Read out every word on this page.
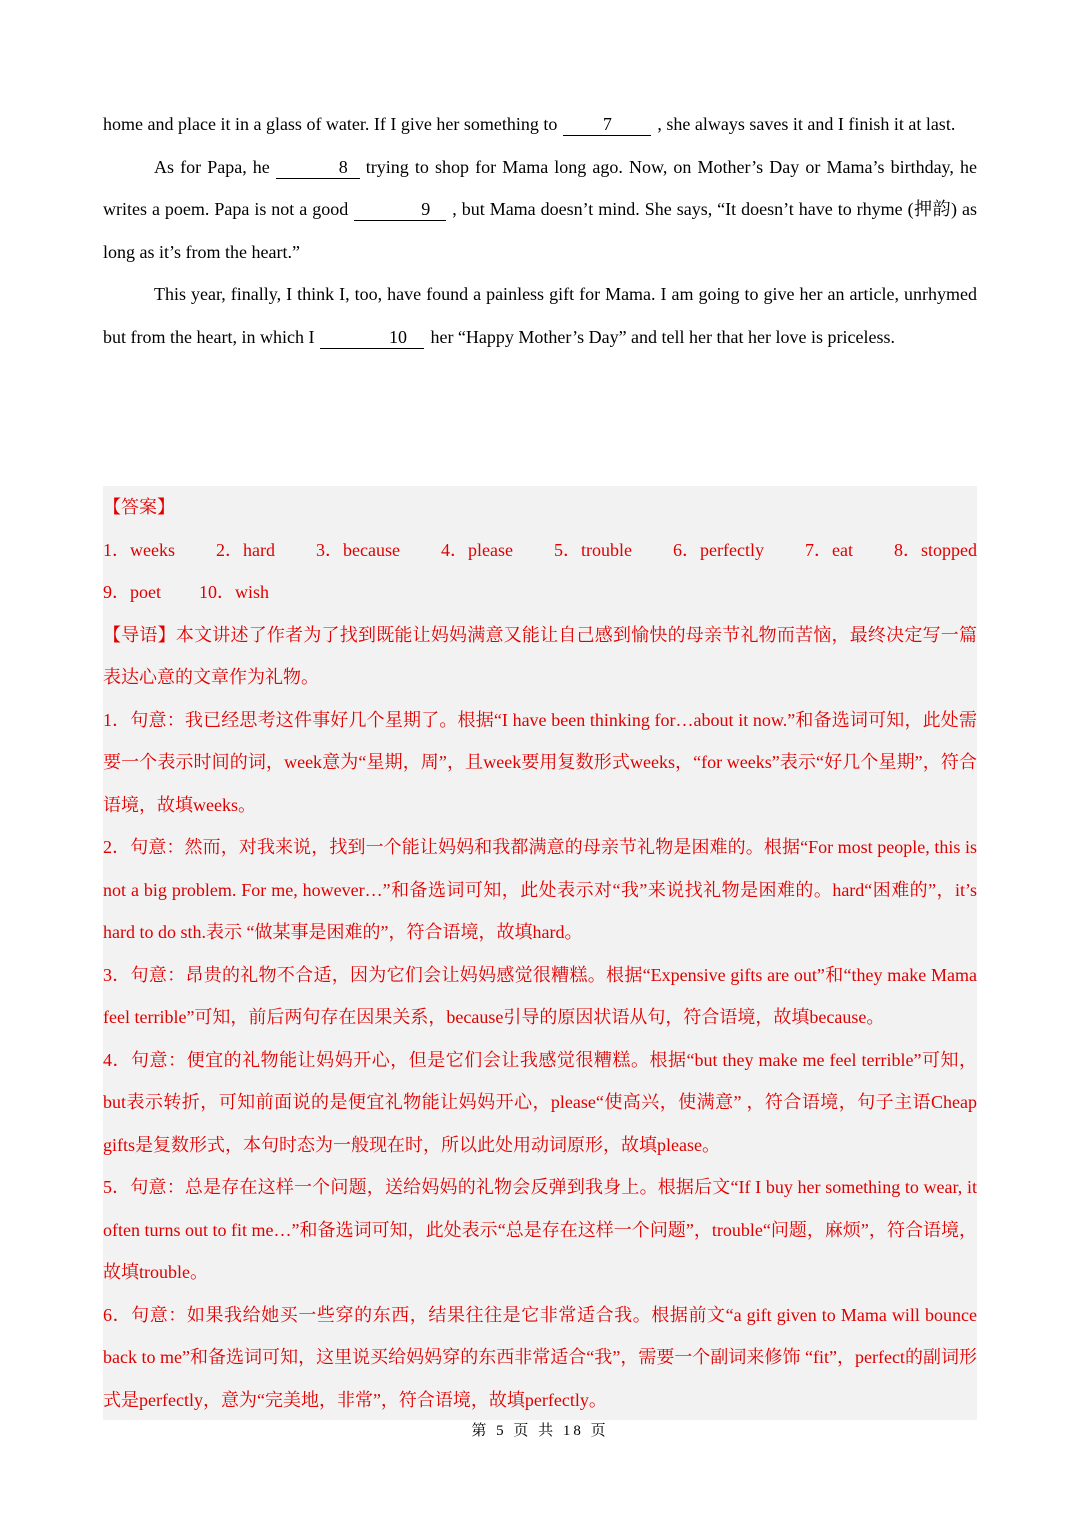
home and place it in a glass of water. If I give her something to	7	, she always saves it and I finish it at last.

As for Papa, he	8 trying to shop for Mama long ago. Now, on Mother’s Day or Mama’s birthday, he writes a poem. Papa is not a good	9 , but Mama doesn’t mind. She says, “It doesn’t have to rhyme (押韵) as long as it’s from the heart.”

This year, finally, I think I, too, have found a painless gift for Mama. I am going to give her an article, unrhymed but from the heart, in which I	10 her “Happy Mother’s Day” and tell her that her love is priceless.

【答案】

1．weeks 2．hard 3．because 4．please 5．trouble 6．perfectly 7．eat 8．stopped
9．poet 10．wish

【导语】本文讲述了作者为了找到既能让妈妈满意又能让自己感到愉快的母亲节礼物而苦恼，最终决定写一篇表达心意的文章作为礼物。

1．句意：我已经思考这件事好几个星期了。根据“I have been thinking for…about it now.”和备选词可知，此处需要一个表示时间的词，week意为“星期，周”，且week要用复数形式weeks，“for weeks”表示“好几个星期”，符合语境，故填weeks。

2．句意：然而，对我来说，找到一个能让妈妈和我都满意的母亲节礼物是困难的。根据“For most people, this is not a big problem. For me, however…”和备选词可知，此处表示对“我”来说找礼物是困难的。hard“困难的”，it’s hard to do sth.表示 “做某事是困难的”，符合语境，故填hard。

3．句意：昂贵的礼物不合适，因为它们会让妈妈感觉很糟糕。根据“Expensive gifts are out”和“they make Mama feel terrible”可知，前后两句存在因果关系，because引导的原因状语从句，符合语境，故填because。

4．句意：便宜的礼物能让妈妈开心，但是它们会让我感觉很糟糕。根据“but they make me feel terrible”可知，but表示转折，可知前面说的是便宜礼物能让妈妈开心，please“使高兴，使满意” ，符合语境，句子主语Cheap gifts是复数形式，本句时态为一般现在时，所以此处用动词原形，故填please。

5．句意：总是存在这样一个问题，送给妈妈的礼物会反弹到我身上。根据后文“If I buy her something to wear, it often turns out to fit me…”和备选词可知，此处表示“总是存在这样一个问题”，trouble“问题，麻烦”，符合语境，故填trouble。

6．句意：如果我给她买一些穿的东西，结果往往是它非常适合我。根据前文“a gift given to Mama will bounce back to me”和备选词可知，这里说买给妈妈穿的东西非常适合“我”，需要一个副词来修饰 “fit”，perfect的副词形式是perfectly，意为“完美地，非常”，符合语境，故填perfectly。

第 5 页 共 18 页
